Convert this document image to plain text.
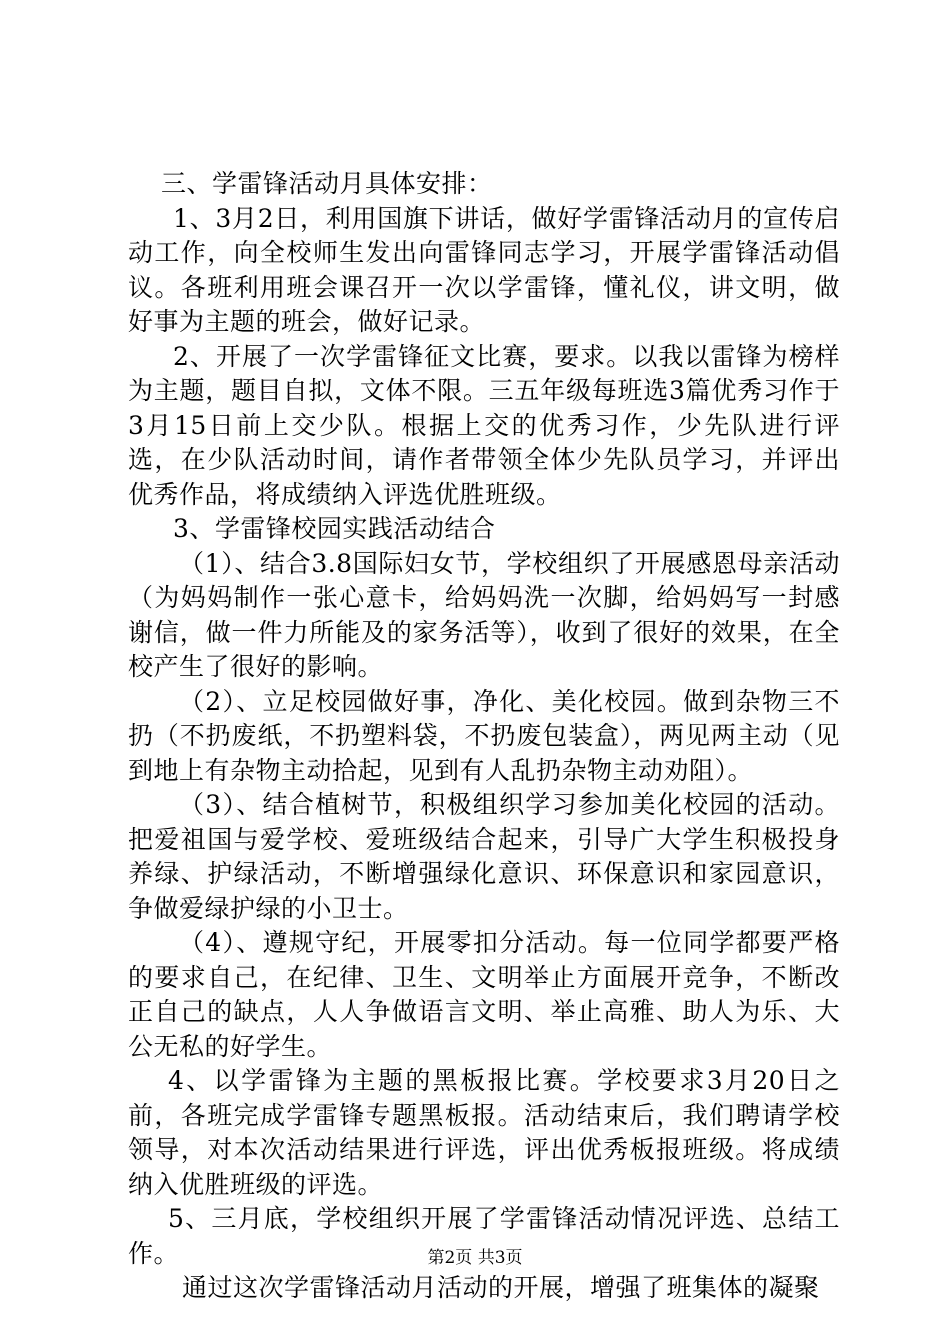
三、学雷锋活动月具体安排：

1、3月2日，利用国旗下讲话，做好学雷锋活动月的宣传启动工作，向全校师生发出向雷锋同志学习，开展学雷锋活动倡议。各班利用班会课召开一次以学雷锋，懂礼仪，讲文明，做好事为主题的班会，做好记录。

2、开展了一次学雷锋征文比赛，要求。以我以雷锋为榜样为主题，题目自拟，文体不限。三五年级每班选3篇优秀习作于3月15日前上交少队。根据上交的优秀习作，少先队进行评选，在少队活动时间，请作者带领全体少先队员学习，并评出优秀作品，将成绩纳入评选优胜班级。

3、学雷锋校园实践活动结合

（1）、结合3.8国际妇女节，学校组织了开展感恩母亲活动（为妈妈制作一张心意卡，给妈妈洗一次脚，给妈妈写一封感谢信，做一件力所能及的家务活等），收到了很好的效果，在全校产生了很好的影响。

（2）、立足校园做好事，净化、美化校园。做到杂物三不扔（不扔废纸，不扔塑料袋，不扔废包装盒），两见两主动（见到地上有杂物主动拾起，见到有人乱扔杂物主动劝阻）。

（3）、结合植树节，积极组织学习参加美化校园的活动。把爱祖国与爱学校、爱班级结合起来，引导广大学生积极投身养绿、护绿活动，不断增强绿化意识、环保意识和家园意识，争做爱绿护绿的小卫士。

（4）、遵规守纪，开展零扣分活动。每一位同学都要严格的要求自己，在纪律、卫生、文明举止方面展开竞争，不断改正自己的缺点，人人争做语言文明、举止高雅、助人为乐、大公无私的好学生。

4、以学雷锋为主题的黑板报比赛。学校要求3月20日之前，各班完成学雷锋专题黑板报。活动结束后，我们聘请学校领导，对本次活动结果进行评选，评出优秀板报班级。将成绩纳入优胜班级的评选。

5、三月底，学校组织开展了学雷锋活动情况评选、总结工作。

通过这次学雷锋活动月活动的开展，增强了班集体的凝聚

第2页 共3页
